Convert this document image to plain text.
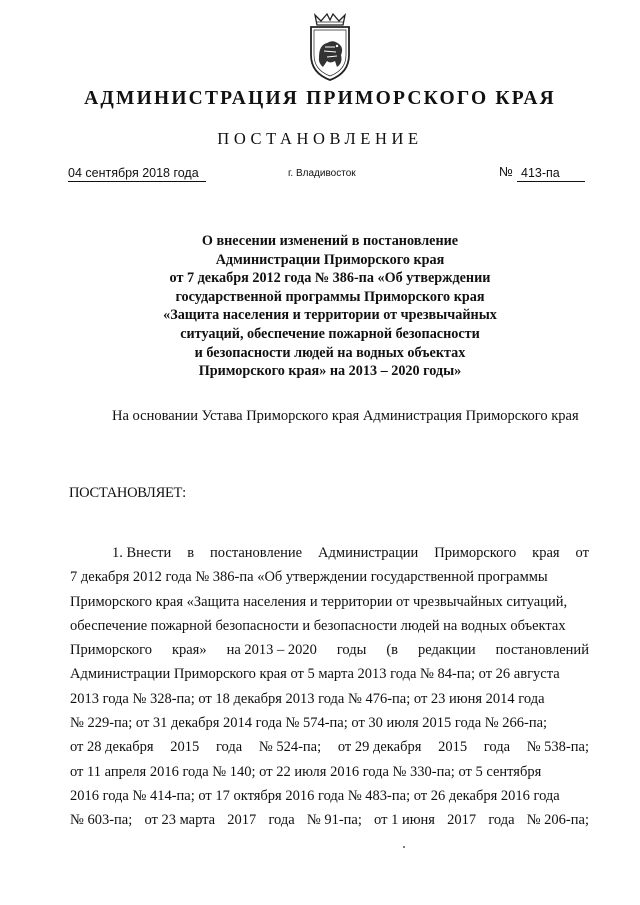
АДМИНИСТРАЦИЯ ПРИМОРСКОГО КРАЯ
ПОСТАНОВЛЕНИЕ
04 сентября 2018 года	г. Владивосток	№ 413-па
О внесении изменений в постановление
Администрации Приморского края
от 7 декабря 2012 года № 386-па «Об утверждении
государственной программы Приморского края
«Защита населения и территории от чрезвычайных
ситуаций, обеспечение пожарной безопасности
и безопасности людей на водных объектах
Приморского края» на 2013 – 2020 годы»
На основании Устава Приморского края Администрация Приморского края
ПОСТАНОВЛЯЕТ:
1. Внести в постановление Администрации Приморского края от
7 декабря 2012 года № 386-па «Об утверждении государственной программы
Приморского края «Защита населения и территории от чрезвычайных ситуаций,
обеспечение пожарной безопасности и безопасности людей на водных объектах
Приморского края» на 2013 – 2020 годы (в редакции постановлений
Администрации Приморского края от 5 марта 2013 года № 84-па; от 26 августа
2013 года № 328-па; от 18 декабря 2013 года № 476-па; от 23 июня 2014 года
№ 229-па; от 31 декабря 2014 года № 574-па; от 30 июля 2015 года № 266-па;
от 28 декабря 2015 года № 524-па; от 29 декабря 2015 года № 538-па;
от 11 апреля 2016 года № 140; от 22 июля 2016 года № 330-па; от 5 сентября
2016 года № 414-па; от 17 октября 2016 года № 483-па; от 26 декабря 2016 года
№ 603-па; от 23 марта 2017 года № 91-па; от 1 июня 2017 года № 206-па;
